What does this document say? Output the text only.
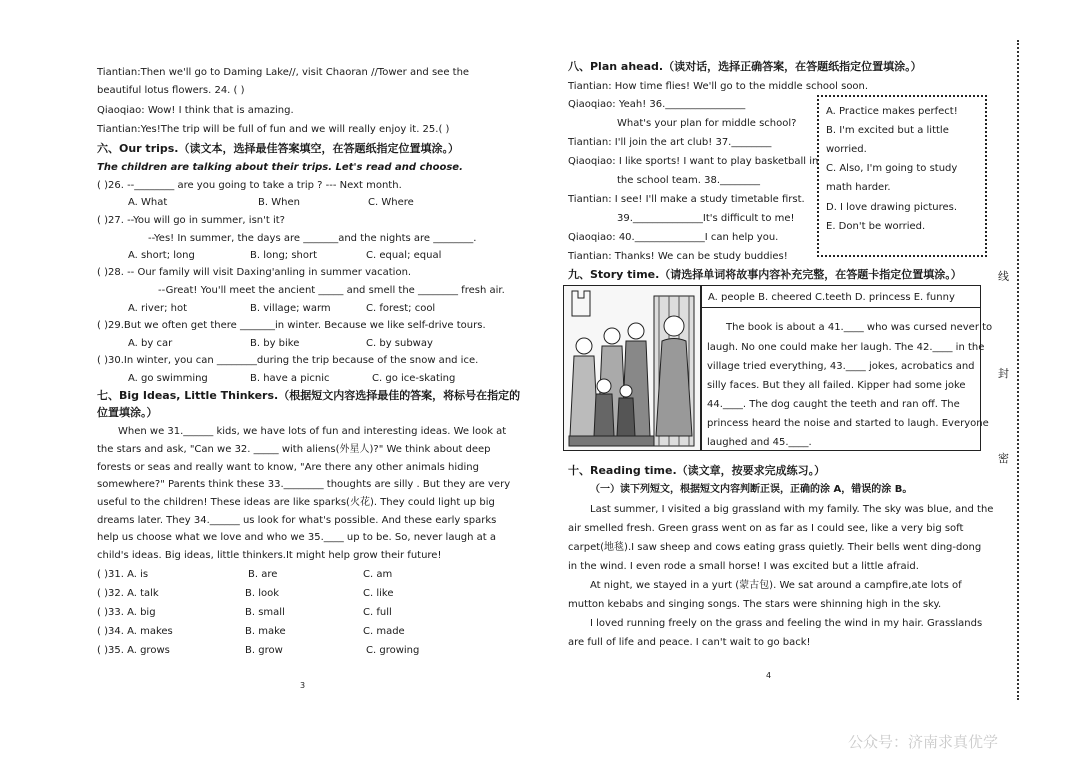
Tiantian:Then we'll go to Daming Lake//, visit Chaoran //Tower and see the
beautiful lotus flowers. 24. ( )
Qiaoqiao: Wow! I think that is amazing.
Tiantian:Yes!The trip will be full of fun and we will really enjoy it. 25.( )
六、Our trips.（读文本，选择最佳答案填空，在答题纸指定位置填涂。）
The children are talking about their trips. Let's read and choose.
( )26. --________ are you going to take a trip ? --- Next month.
A. What	B. When	C. Where
( )27. --You will go in summer, isn't it?
--Yes! In summer, the days are _______and the nights are ________.
A. short; long	B. long; short	C. equal; equal
( )28. -- Our family will visit Daxing'anling in summer vacation.
--Great! You'll meet the ancient _____ and smell the ________ fresh air.
A. river; hot	B. village; warm	C. forest; cool
( )29.But we often get there _______in winter. Because we like self-drive tours.
A. by car	B. by bike	C. by subway
( )30.In winter, you can ________during the trip because of the snow and ice.
A. go swimming	B. have a picnic	C. go ice-skating
七、Big Ideas, Little Thinkers.（根据短文内容选择最佳的答案，将标号在指定的
位置填涂。）
When we 31.______ kids, we have lots of fun and interesting ideas. We look at
the stars and ask, "Can we 32. _____ with aliens(外星人)?" We think about deep
forests or seas and really want to know, "Are there any other animals hiding
somewhere?" Parents think these 33.________ thoughts are silly . But they are very
useful to the children! These ideas are like sparks(火花). They could light up big
dreams later. They 34.______ us look for what's possible. And these early sparks
help us choose what we love and who we 35.____ up to be. So, never laugh at a
child's ideas. Big ideas, little thinkers.It might help grow their future!
( )31. A. is	B. are	C. am
( )32. A. talk	B. look	C. like
( )33. A. big	B. small	C. full
( )34. A. makes	B. make	C. made
( )35. A. grows	B. grow	C. growing
3
八、Plan ahead.（读对话，选择正确答案，在答题纸指定位置填涂。）
Tiantian: How time flies! We'll go to the middle school soon.
Qiaoqiao: Yeah! 36.________________
What's your plan for middle school?
Tiantian: I'll join the art club! 37.________
Qiaoqiao: I like sports! I want to play basketball in
the school team. 38.________
Tiantian: I see! I'll make a study timetable first.
39.______________It's difficult to me!
Qiaoqiao: 40.______________I can help you.
Tiantian: Thanks! We can be study buddies!
A. Practice makes perfect!
B. I'm excited but a little
worried.
C. Also, I'm going to study
math harder.
D. I love drawing pictures.
E. Don't be worried.
九、Story time.（请选择单词将故事内容补充完整，在答题卡指定位置填涂。）
A. people B. cheered C.teeth D. princess E. funny
The book is about a 41.____ who was cursed never to
laugh. No one could make her laugh. The 42.____ in the
village tried everything, 43.____ jokes, acrobatics and
silly faces. But they all failed. Kipper had some joke
44.____. The dog caught the teeth and ran off. The
princess heard the noise and started to laugh. Everyone
laughed and 45.____.
十、Reading time.（读文章，按要求完成练习。）
（一）读下列短文，根据短文内容判断正误，正确的涂 A，错误的涂 B。
Last summer, I visited a big grassland with my family. The sky was blue, and the
air smelled fresh. Green grass went on as far as I could see, like a very big soft
carpet(地毯).I saw sheep and cows eating grass quietly. Their bells went ding-dong
in the wind. I even rode a small horse! I was excited but a little afraid.
At night, we stayed in a yurt (蒙古包). We sat around a campfire,ate lots of
mutton kebabs and singing songs. The stars were shinning high in the sky.
I loved running freely on the grass and feeling the wind in my hair. Grasslands
are full of life and peace. I can't wait to go back!
4
线
封
密
公众号：济南求真优学
